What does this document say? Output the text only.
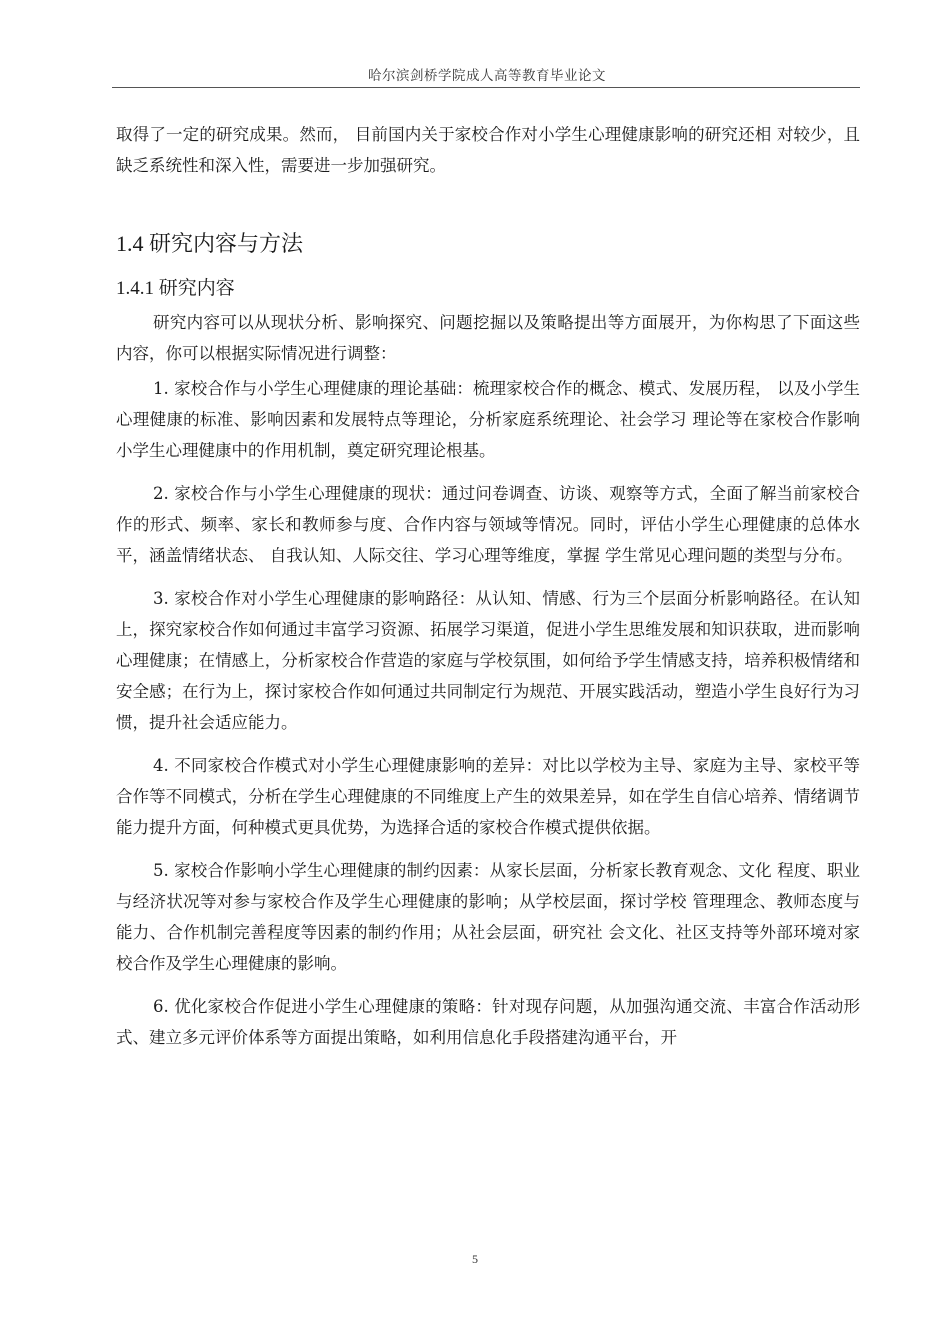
哈尔滨剑桥学院成人高等教育毕业论文

取得了一定的研究成果。然而， 目前国内关于家校合作对小学生心理健康影响的研究还相 对较少，且缺乏系统性和深入性，需要进一步加强研究。

1.4 研究内容与方法
1.4.1 研究内容

研究内容可以从现状分析、影响探究、问题挖掘以及策略提出等方面展开，为你构思了下面这些内容，你可以根据实际情况进行调整：

1. 家校合作与小学生心理健康的理论基础：梳理家校合作的概念、模式、发展历程， 以及小学生心理健康的标准、影响因素和发展特点等理论，分析家庭系统理论、社会学习 理论等在家校合作影响小学生心理健康中的作用机制，奠定研究理论根基。

2. 家校合作与小学生心理健康的现状：通过问卷调查、访谈、观察等方式，全面了解当前家校合作的形式、频率、家长和教师参与度、合作内容与领域等情况。同时，评估小学生心理健康的总体水平，涵盖情绪状态、 自我认知、人际交往、学习心理等维度，掌握 学生常见心理问题的类型与分布。

3. 家校合作对小学生心理健康的影响路径：从认知、情感、行为三个层面分析影响路径。在认知上，探究家校合作如何通过丰富学习资源、拓展学习渠道，促进小学生思维发展和知识获取，进而影响心理健康；在情感上，分析家校合作营造的家庭与学校氛围，如何给予学生情感支持，培养积极情绪和安全感；在行为上，探讨家校合作如何通过共同制定行为规范、开展实践活动，塑造小学生良好行为习惯，提升社会适应能力。

4. 不同家校合作模式对小学生心理健康影响的差异：对比以学校为主导、家庭为主导、家校平等合作等不同模式，分析在学生心理健康的不同维度上产生的效果差异，如在学生自信心培养、情绪调节能力提升方面，何种模式更具优势，为选择合适的家校合作模式提供依据。

5. 家校合作影响小学生心理健康的制约因素：从家长层面，分析家长教育观念、文化 程度、职业与经济状况等对参与家校合作及学生心理健康的影响；从学校层面，探讨学校 管理理念、教师态度与能力、合作机制完善程度等因素的制约作用；从社会层面，研究社 会文化、社区支持等外部环境对家校合作及学生心理健康的影响。

6. 优化家校合作促进小学生心理健康的策略：针对现存问题，从加强沟通交流、丰富合作活动形式、建立多元评价体系等方面提出策略，如利用信息化手段搭建沟通平台，开

5
